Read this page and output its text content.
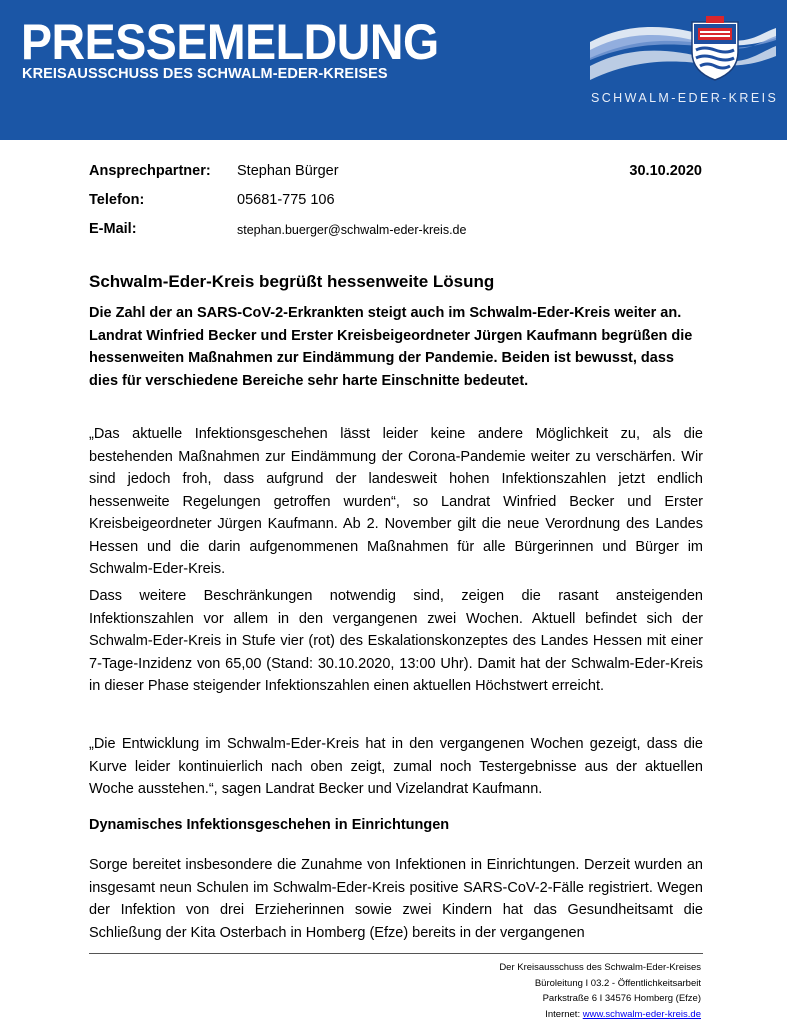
PRESSEMELDUNG
KREISAUSSCHUSS DES SCHWALM-EDER-KREISES
SCHWALM-EDER-KREIS
Ansprechpartner: Stephan Bürger	30.10.2020
Telefon:	05681-775 106
E-Mail:	stephan.buerger@schwalm-eder-kreis.de
Schwalm-Eder-Kreis begrüßt hessenweite Lösung

Die Zahl der an SARS-CoV-2-Erkrankten steigt auch im Schwalm-Eder-Kreis weiter an. Landrat Winfried Becker und Erster Kreisbeigeordneter Jürgen Kaufmann begrüßen die hessenweiten Maßnahmen zur Eindämmung der Pandemie. Beiden ist bewusst, dass dies für verschiedene Bereiche sehr harte Einschnitte bedeutet.

„Das aktuelle Infektionsgeschehen lässt leider keine andere Möglichkeit zu, als die bestehenden Maßnahmen zur Eindämmung der Corona-Pandemie weiter zu verschärfen. Wir sind jedoch froh, dass aufgrund der landesweit hohen Infektionszahlen jetzt endlich hessenweite Regelungen getroffen wurden“, so Landrat Winfried Becker und Erster Kreisbeigeordneter Jürgen Kaufmann. Ab 2. November gilt die neue Verordnung des Landes Hessen und die darin aufgenommenen Maßnahmen für alle Bürgerinnen und Bürger im Schwalm-Eder-Kreis.

Dass weitere Beschränkungen notwendig sind, zeigen die rasant ansteigenden Infektionszahlen vor allem in den vergangenen zwei Wochen. Aktuell befindet sich der Schwalm-Eder-Kreis in Stufe vier (rot) des Eskalationskonzeptes des Landes Hessen mit einer 7-Tage-Inzidenz von 65,00 (Stand: 30.10.2020, 13:00 Uhr). Damit hat der Schwalm-Eder-Kreis in dieser Phase steigender Infektionszahlen einen aktuellen Höchstwert erreicht.

„Die Entwicklung im Schwalm-Eder-Kreis hat in den vergangenen Wochen gezeigt, dass die Kurve leider kontinuierlich nach oben zeigt, zumal noch Testergebnisse aus der aktuellen Woche ausstehen.“, sagen Landrat Becker und Vizelandrat Kaufmann.

Dynamisches Infektionsgeschehen in Einrichtungen

Sorge bereitet insbesondere die Zunahme von Infektionen in Einrichtungen. Derzeit wurden an insgesamt neun Schulen im Schwalm-Eder-Kreis positive SARS-CoV-2-Fälle registriert. Wegen der Infektion von drei Erzieherinnen sowie zwei Kindern hat das Gesundheitsamt die Schließung der Kita Osterbach in Homberg (Efze) bereits in der vergangenen

Der Kreisausschuss des Schwalm-Eder-Kreises
Büroleitung I 03.2 - Öffentlichkeitsarbeit
Parkstraße 6 I 34576 Homberg (Efze)
Internet: www.schwalm-eder-kreis.de
